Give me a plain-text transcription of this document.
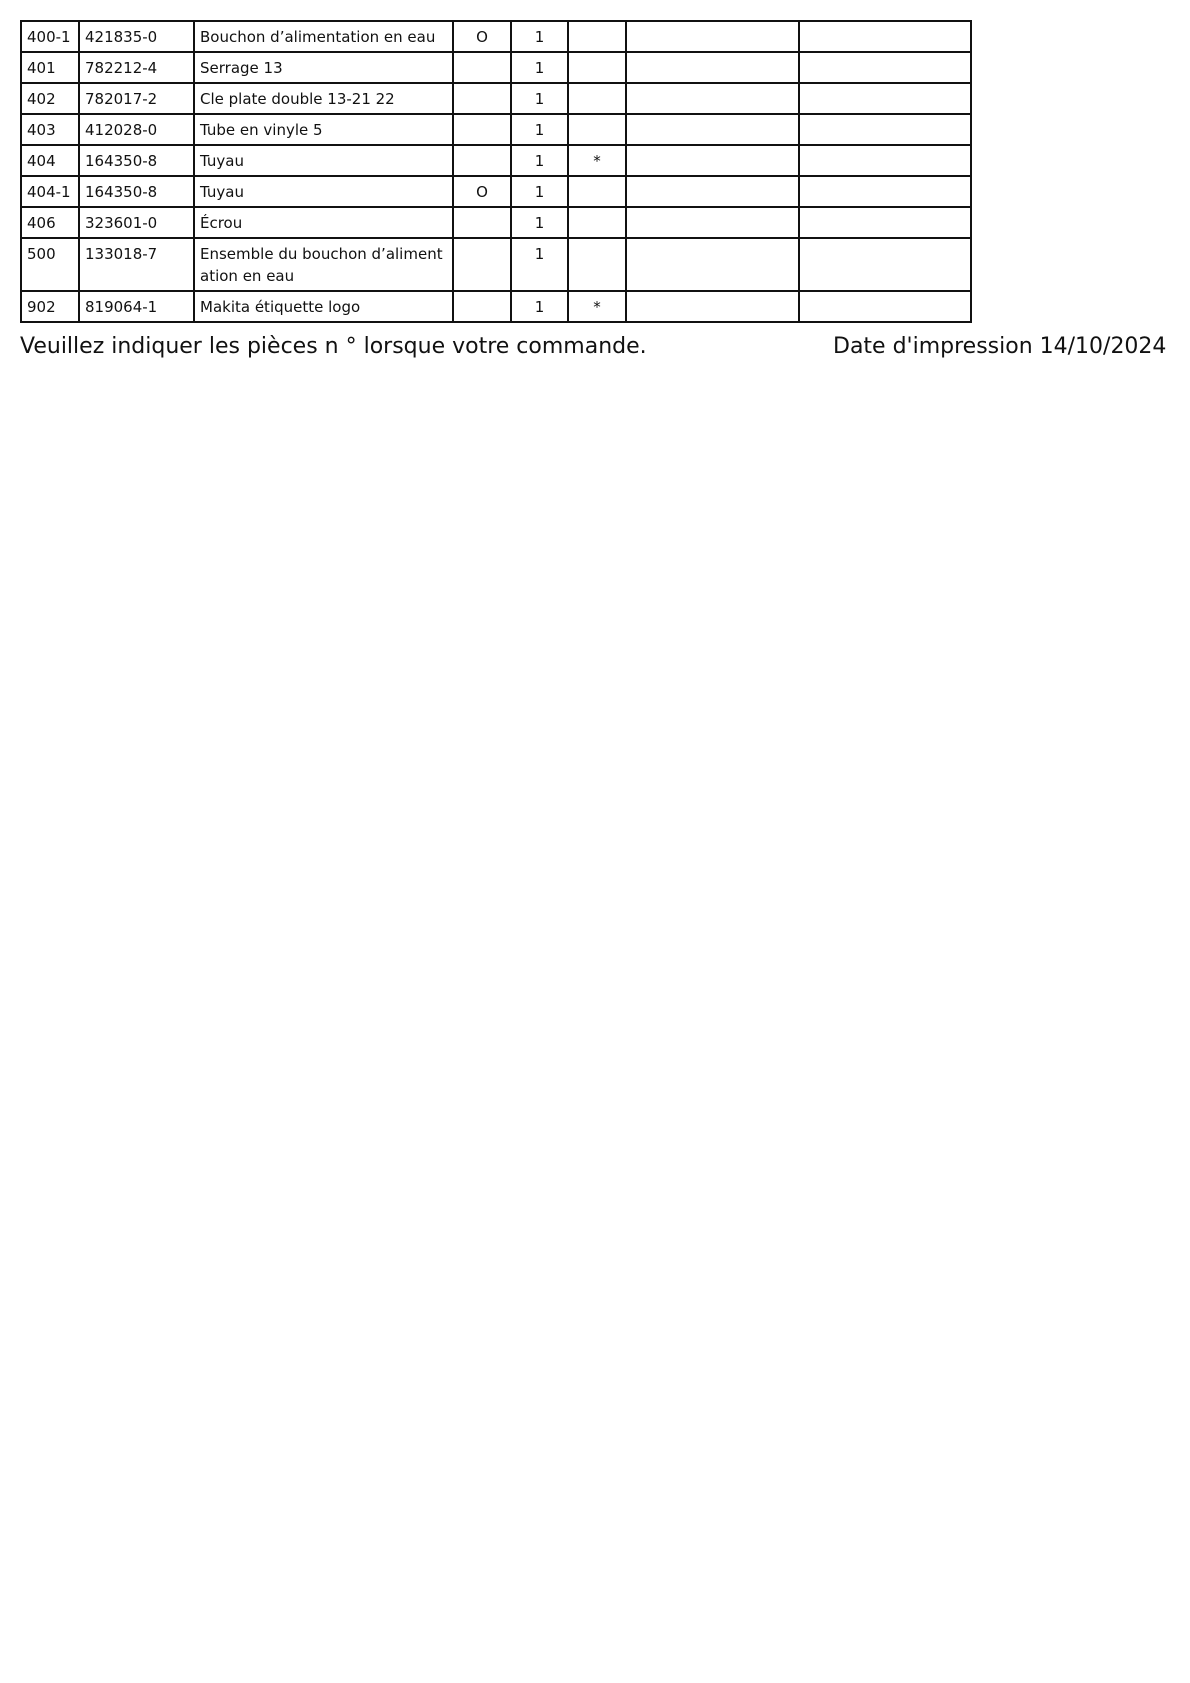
400-1	421835-0	Bouchon d’alimentation en eau	O	1			
401	782212-4	Serrage 13		1			
402	782017-2	Cle plate double 13-21 22		1			
403	412028-0	Tube en vinyle 5		1			
404	164350-8	Tuyau		1	*		
404-1	164350-8	Tuyau	O	1			
406	323601-0	Écrou		1			
500	133018-7	Ensemble du bouchon d’alimentation en eau		1			
902	819064-1	Makita étiquette logo		1	*		
Veuillez indiquer les pièces n ° lorsque votre commande.	Date d'impression 14/10/2024
